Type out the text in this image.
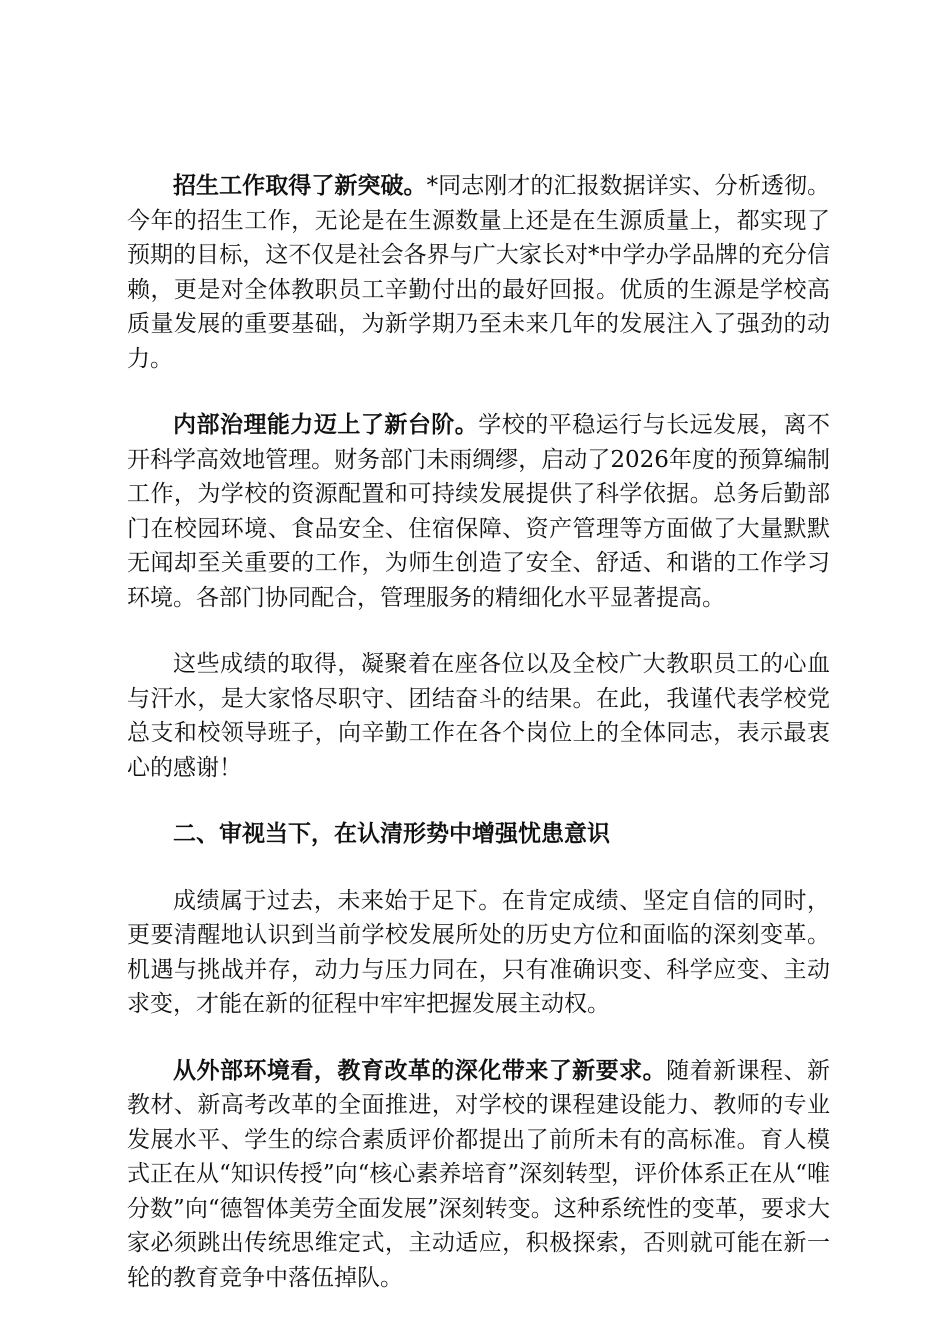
招生工作取得了新突破。*同志刚才的汇报数据详实、分析透彻。今年的招生工作，无论是在生源数量上还是在生源质量上，都实现了预期的目标，这不仅是社会各界与广大家长对*中学办学品牌的充分信赖，更是对全体教职员工辛勤付出的最好回报。优质的生源是学校高质量发展的重要基础，为新学期乃至未来几年的发展注入了强劲的动力。

内部治理能力迈上了新台阶。学校的平稳运行与长远发展，离不开科学高效地管理。财务部门未雨绸缪，启动了2026年度的预算编制工作，为学校的资源配置和可持续发展提供了科学依据。总务后勤部门在校园环境、食品安全、住宿保障、资产管理等方面做了大量默默无闻却至关重要的工作，为师生创造了安全、舒适、和谐的工作学习环境。各部门协同配合，管理服务的精细化水平显著提高。

这些成绩的取得，凝聚着在座各位以及全校广大教职员工的心血与汗水，是大家恪尽职守、团结奋斗的结果。在此，我谨代表学校党总支和校领导班子，向辛勤工作在各个岗位上的全体同志，表示最衷心的感谢！

二、审视当下，在认清形势中增强忧患意识

成绩属于过去，未来始于足下。在肯定成绩、坚定自信的同时，更要清醒地认识到当前学校发展所处的历史方位和面临的深刻变革。机遇与挑战并存，动力与压力同在，只有准确识变、科学应变、主动求变，才能在新的征程中牢牢把握发展主动权。

从外部环境看，教育改革的深化带来了新要求。随着新课程、新教材、新高考改革的全面推进，对学校的课程建设能力、教师的专业发展水平、学生的综合素质评价都提出了前所未有的高标准。育人模式正在从“知识传授”向“核心素养培育”深刻转型，评价体系正在从“唯分数”向“德智体美劳全面发展”深刻转变。这种系统性的变革，要求大家必须跳出传统思维定式，主动适应，积极探索，否则就可能在新一轮的教育竞争中落伍掉队。
